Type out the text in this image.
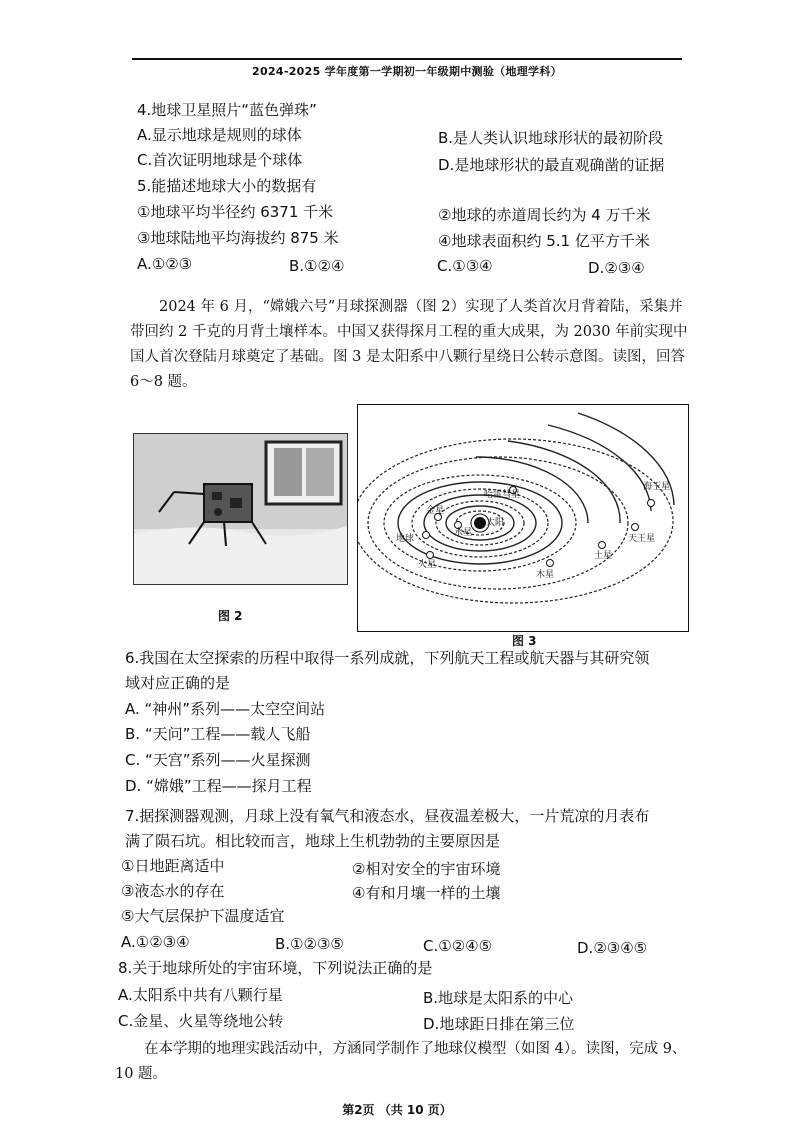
2024-2025 学年度第一学期初一年级期中测验（地理学科）
4.地球卫星照片“蓝色弹珠”
A.显示地球是规则的球体	B.是人类认识地球形状的最初阶段
C.首次证明地球是个球体	D.是地球形状的最直观确凿的证据
5.能描述地球大小的数据有
①地球平均半径约 6371 千米	②地球的赤道周长约为 4 万千米
③地球陆地平均海拔约 875 米	④地球表面积约 5.1 亿平方千米
A.①②③	B.①②④	C.①③④	D.②③④
2024 年 6 月，“嫦娥六号”月球探测器（图 2）实现了人类首次月背着陆，采集并带回约 2 千克的月背土壤样本。中国又获得探月工程的重大成果，为 2030 年前实现中国人首次登陆月球奠定了基础。图 3 是太阳系中八颗行星绕日公转示意图。读图，回答 6～8 题。
图 2
太阳
哈雷彗星
金星
水星
地球
火星
木星
土星
天王星
海王星
图 3
6.我国在太空探索的历程中取得一系列成就，下列航天工程或航天器与其研究领
域对应正确的是
A. “神州”系列——太空空间站
B. “天问”工程——载人飞船
C. “天宫”系列——火星探测
D. “嫦娥”工程——探月工程
7.据探测器观测，月球上没有氧气和液态水，昼夜温差极大，一片荒凉的月表布
满了陨石坑。相比较而言，地球上生机勃勃的主要原因是
①日地距离适中	②相对安全的宇宙环境
③液态水的存在	④有和月壤一样的土壤
⑤大气层保护下温度适宜
A.①②③④	B.①②③⑤	C.①②④⑤	D.②③④⑤
8.关于地球所处的宇宙环境，下列说法正确的是
A.太阳系中共有八颗行星	B.地球是太阳系的中心
C.金星、火星等绕地公转	D.地球距日排在第三位
在本学期的地理实践活动中，方涵同学制作了地球仪模型（如图 4）。读图，完成 9、10 题。
第2页 （共 10 页）
